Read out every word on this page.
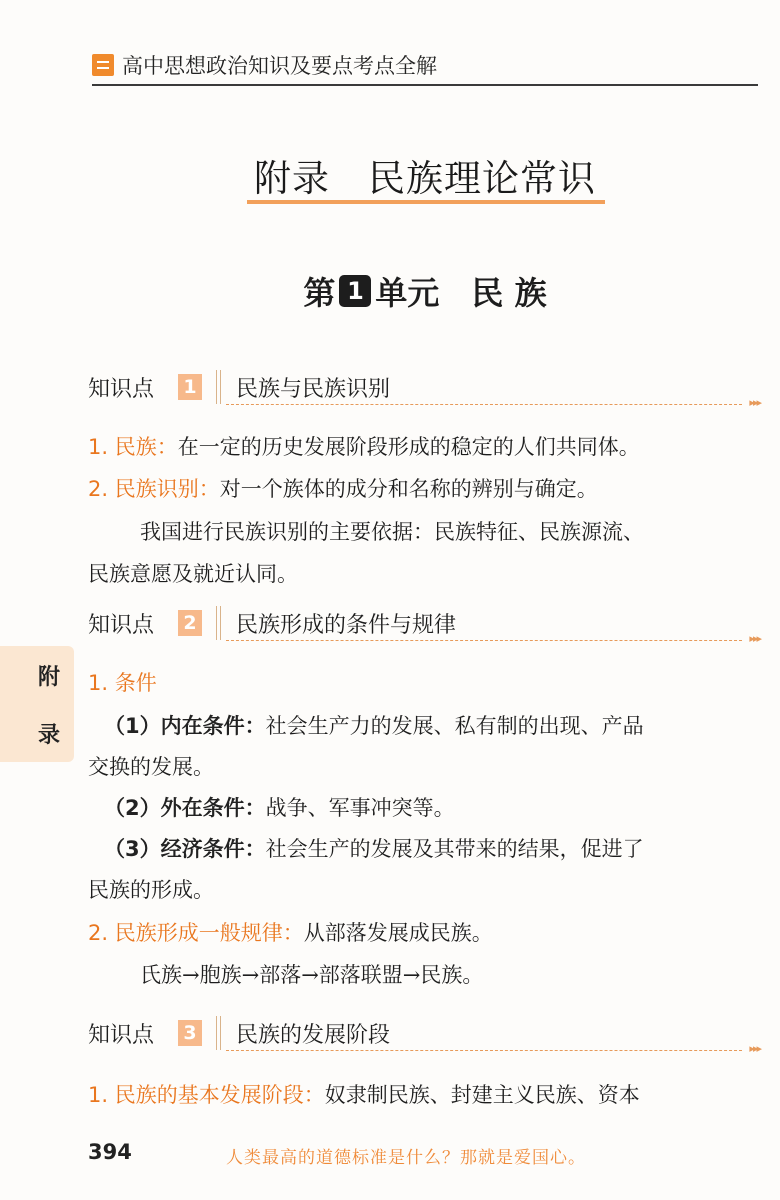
高中思想政治知识及要点考点全解
附录　民族理论常识
第 1 单元　民 族
知识点 1 民族与民族识别
▸▸▸
1. 民族：在一定的历史发展阶段形成的稳定的人们共同体。
2. 民族识别：对一个族体的成分和名称的辨别与确定。
我国进行民族识别的主要依据：民族特征、民族源流、
民族意愿及就近认同。
知识点 2 民族形成的条件与规律
▸▸▸
附
录
1. 条件
（1）内在条件：社会生产力的发展、私有制的出现、产品
交换的发展。
（2）外在条件：战争、军事冲突等。
（3）经济条件：社会生产的发展及其带来的结果，促进了
民族的形成。
2. 民族形成一般规律：从部落发展成民族。
氏族→胞族→部落→部落联盟→民族。
知识点 3 民族的发展阶段
▸▸▸
1. 民族的基本发展阶段：奴隶制民族、封建主义民族、资本
394	人类最高的道德标准是什么？那就是爱国心。
